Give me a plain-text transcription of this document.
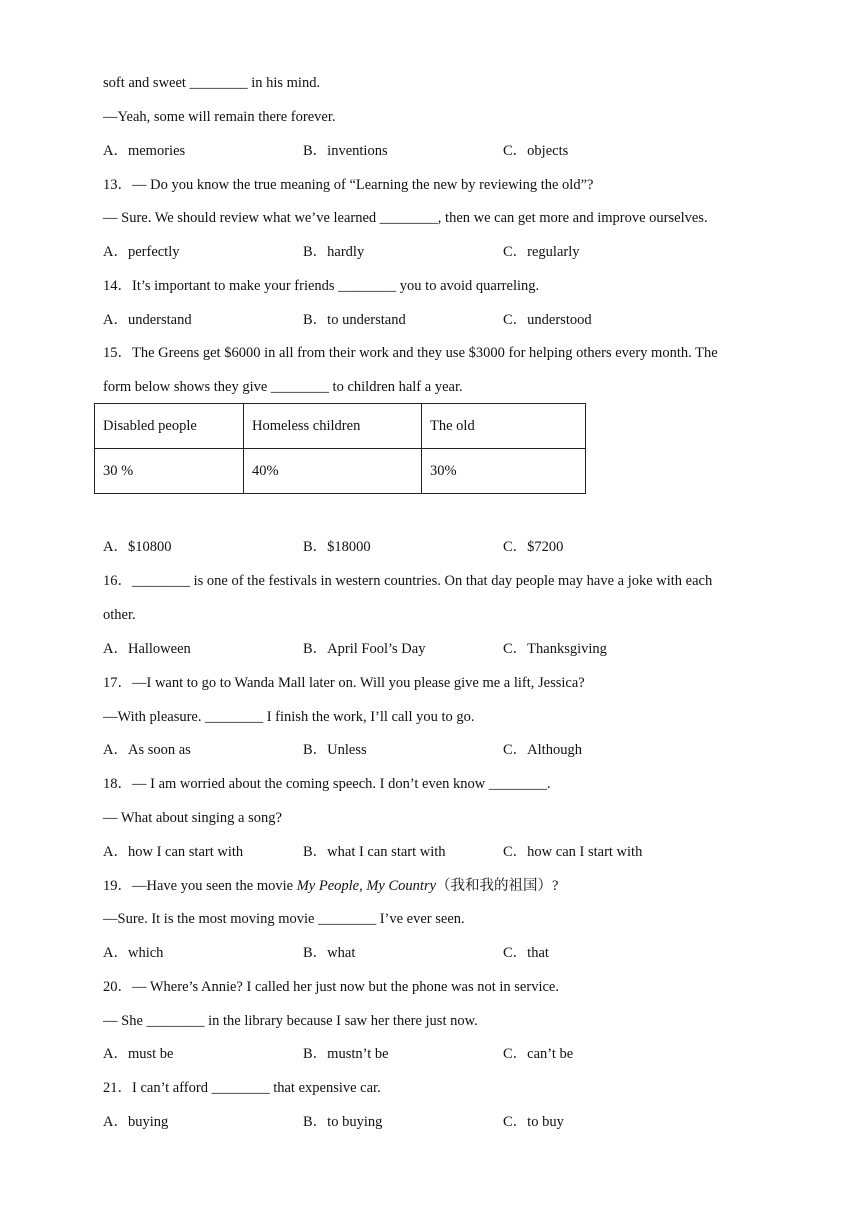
soft and sweet ________ in his mind.
—Yeah, some will remain there forever.
A．memories	B．inventions	C．objects
13．— Do you know the true meaning of “Learning the new by reviewing the old”?
— Sure. We should review what we’ve learned ________, then we can get more and improve ourselves.
A．perfectly	B．hardly	C．regularly
14．It’s important to make your friends ________ you to avoid quarreling.
A．understand	B．to understand	C．understood
15．The Greens get $6000 in all from their work and they use $3000 for helping others every month. The
form below shows they give ________ to children half a year.
Disabled people	Homeless children	The old
30 %	40%	30%
A．$10800	B．$18000	C．$7200
16．________ is one of the festivals in western countries. On that day people may have a joke with each
other.
A．Halloween	B．April Fool’s Day	C．Thanksgiving
17．—I want to go to Wanda Mall later on. Will you please give me a lift, Jessica?
—With pleasure. ________ I finish the work, I’ll call you to go.
A．As soon as	B．Unless	C．Although
18．— I am worried about the coming speech. I don’t even know ________.
— What about singing a song?
A．how I can start with	B．what I can start with	C．how can I start with
19．—Have you seen the movie My People, My Country（我和我的祖国）?
—Sure. It is the most moving movie ________ I’ve ever seen.
A．which	B．what	C．that
20．— Where’s Annie? I called her just now but the phone was not in service.
— She ________ in the library because I saw her there just now.
A．must be	B．mustn’t be	C．can’t be
21．I can’t afford ________ that expensive car.
A．buying	B．to buying	C．to buy
